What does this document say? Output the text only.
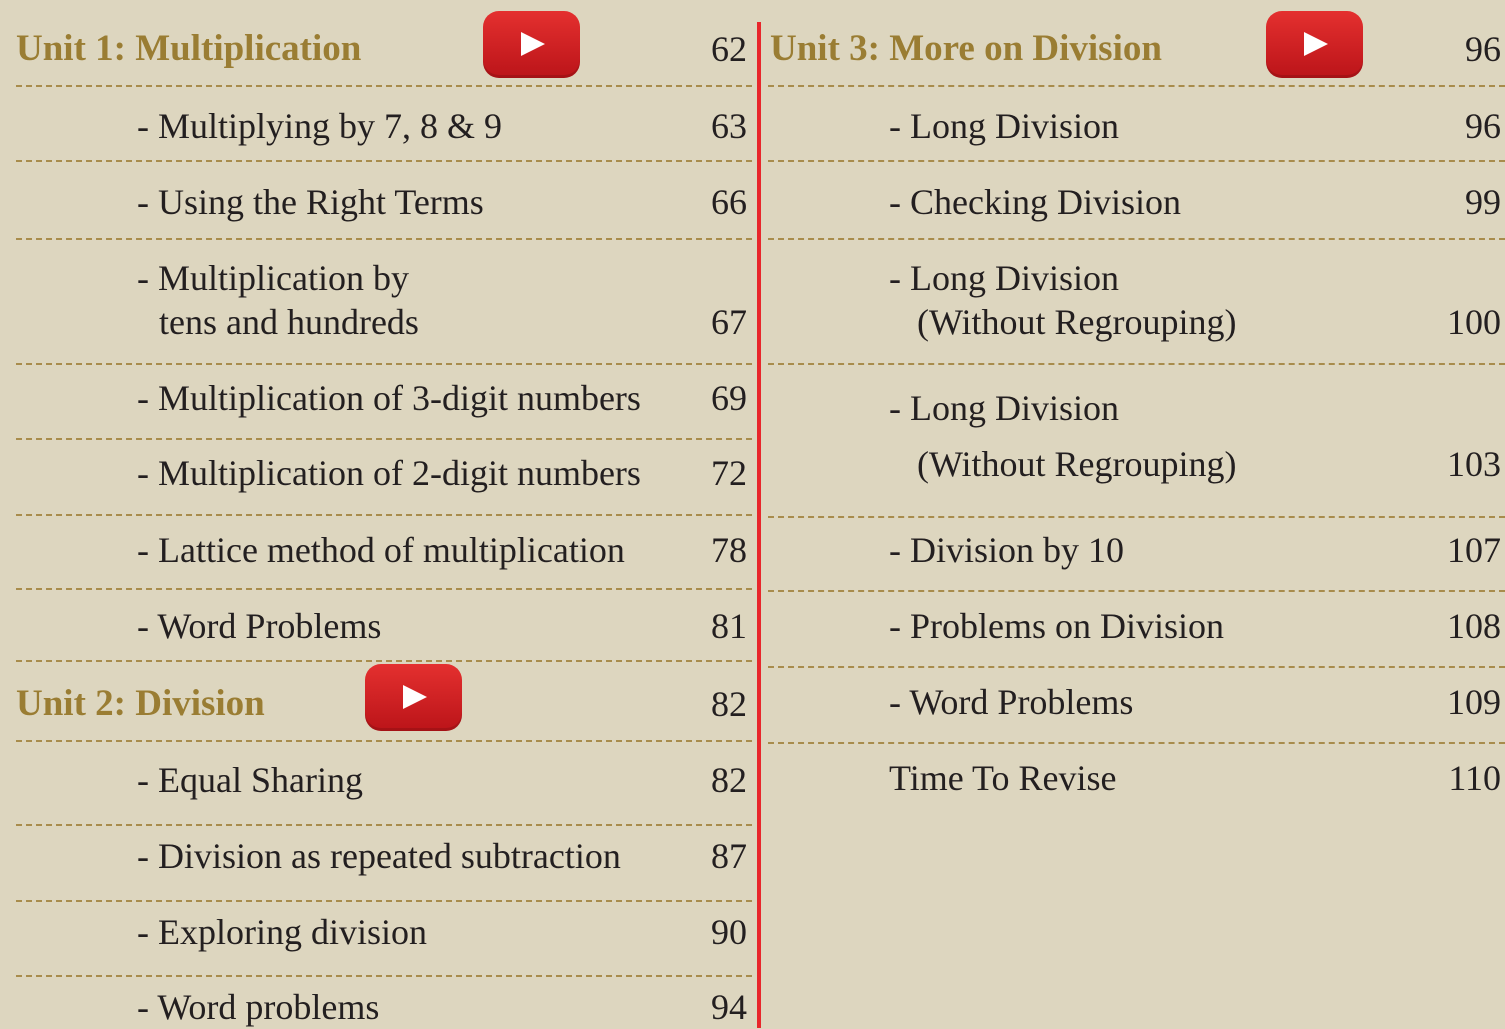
Unit 1: Multiplication	62
- Multiplying by 7, 8 & 9	63
- Using the Right Terms	66
- Multiplication by
tens and hundreds	67
- Multiplication of 3-digit numbers 69
- Multiplication of 2-digit numbers 72
- Lattice method of multiplication 78
- Word Problems	81
Unit 2: Division	82
- Equal Sharing	82
- Division as repeated subtraction	87
- Exploring division	90
- Word problems	94
Unit 3: More on Division	96
- Long Division	96
- Checking Division	99
- Long Division
(Without Regrouping)	100
- Long Division
(Without Regrouping)	103
- Division by 10	107
- Problems on Division	108
- Word Problems	109
Time To Revise	110
